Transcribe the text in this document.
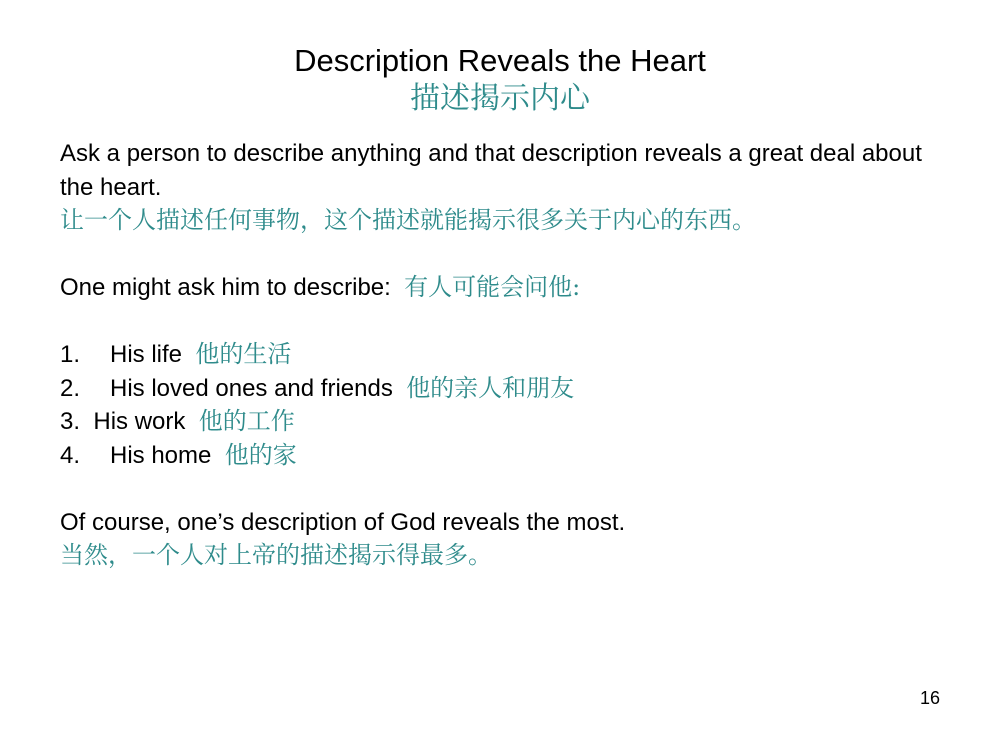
Description Reveals the Heart
描述揭示内心

Ask a person to describe anything and that description reveals a great deal about the heart.

让一个人描述任何事物，这个描述就能揭示很多关于内心的东西。

One might ask him to describe: 有人可能会问他:

1. His life 他的生活
2. His loved ones and friends 他的亲人和朋友
3. His work 他的工作
4. His home 他的家

Of course, one’s description of God reveals the most.

当然，一个人对上帝的描述揭示得最多。

16
